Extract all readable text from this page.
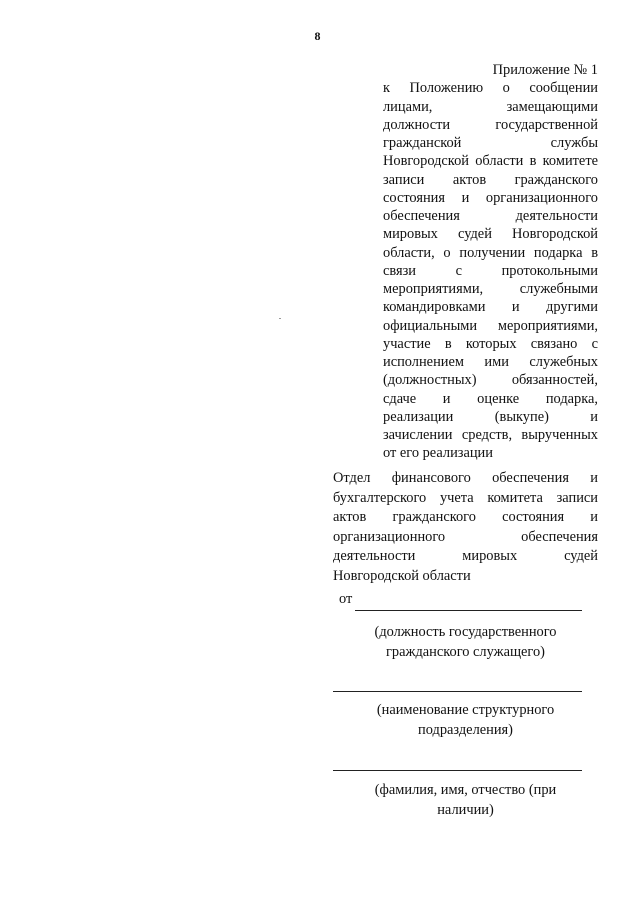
8
Приложение № 1
к Положению о сообщении
лицами, замещающими
должности государственной
гражданской службы
Новгородской области в комитете
записи актов гражданского
состояния и организационного
обеспечения деятельности
мировых судей Новгородской
области, о получении подарка в
связи с протокольными
мероприятиями, служебными
командировками и другими
официальными мероприятиями,
участие в которых связано с
исполнением ими служебных
(должностных) обязанностей,
сдаче и оценке подарка,
реализации (выкупе) и
зачислении средств, вырученных
от его реализации
Отдел финансового обеспечения и
бухгалтерского учета комитета записи
актов гражданского состояния и
организационного обеспечения
деятельности мировых судей
Новгородской области
от
(должность государственного
гражданского служащего)
(наименование структурного
подразделения)
(фамилия, имя, отчество (при
наличии)
